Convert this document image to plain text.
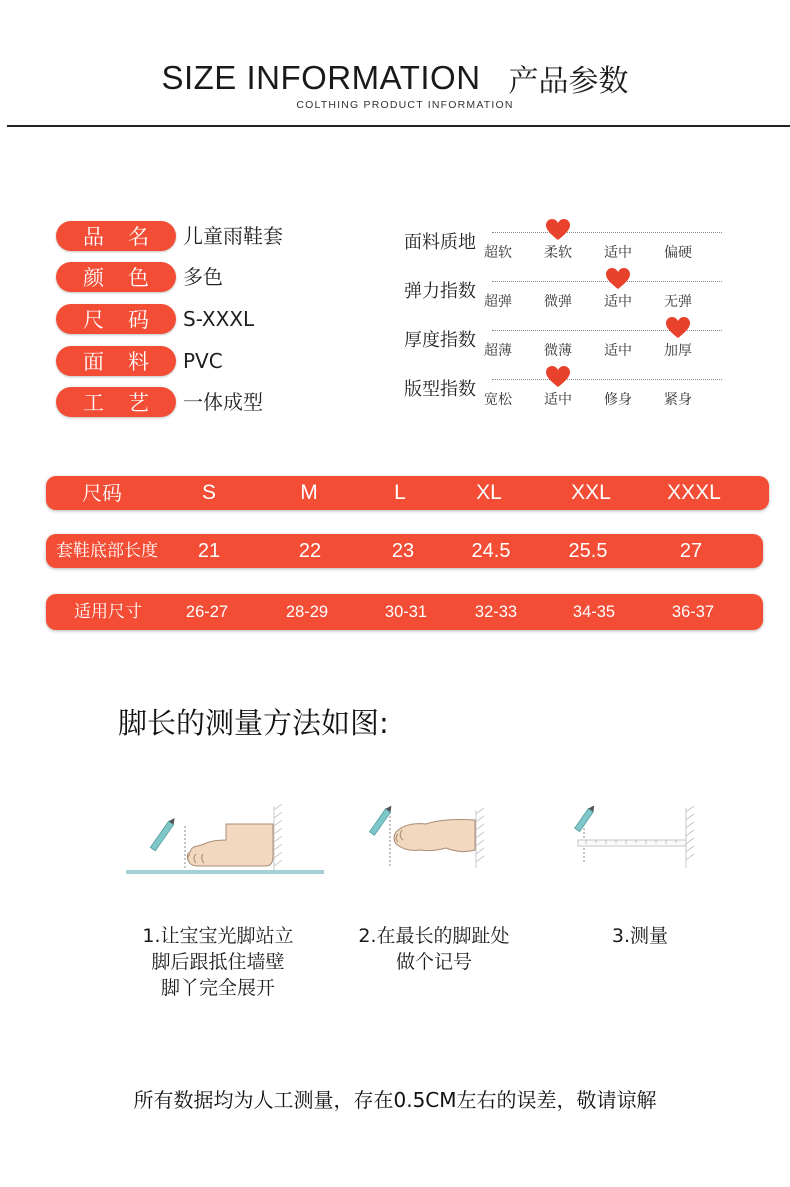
SIZE INFORMATION 产品参数
COLTHING PRODUCT INFORMATION
品名 儿童雨鞋套
颜色 多色
尺码 S-XXXL
面料 PVC
工艺 一体成型
面料质地 超软	柔软	适中	偏硬
弹力指数 超弹	微弹	适中	无弹
厚度指数 超薄	微薄	适中	加厚
版型指数 宽松	适中	修身	紧身
尺码	S	M	L	XL	XXL	XXXL
套鞋底部长度 21	22	23	24.5	25.5	27
适用尺寸	26-27	28-29	30-31	32-33	34-35	36-37
脚长的测量方法如图:
1.让宝宝光脚站立
脚后跟抵住墙壁
脚丫完全展开
2.在最长的脚趾处
做个记号
3.测量
所有数据均为人工测量，存在0.5CM左右的误差，敬请谅解
